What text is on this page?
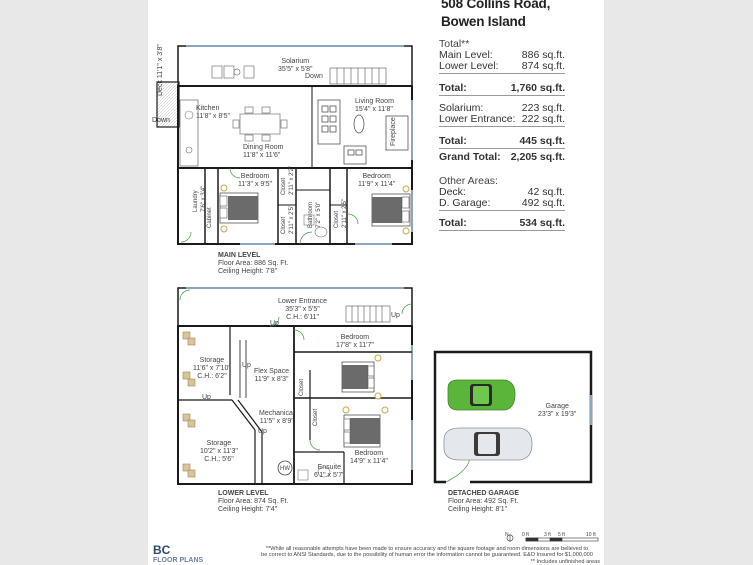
508 Collins Road,
Bowen Island
Total**
Main Level:	886 sq.ft.
Lower Level: 874 sq.ft.
Total:	1,760 sq.ft.
Solarium:	223 sq.ft.
Lower Entrance: 222 sq.ft.
Total:	445 sq.ft.
Grand Total: 2,205 sq.ft.
Other Areas:
Deck:	42 sq.ft.
D. Garage:	492 sq.ft.
Total:	534 sq.ft.
Solarium
35'5" x 5'8"
Down
Deck 11'1" x 3'8"
Down
Kitchen
11'8" x 8'5"
Dining Room
11'8" x 11'6"
Living Room
15'4" x 11'8"
Fireplace
Bedroom
11'3" x 9'5"
Bedroom
11'9" x 11'4"
Laundry 7'6" x 3'4"
Cabinet
Closet 2'11" x 2'2"
Closet 2'11" x 2'5" Bathroom 7'2" x 5'0" Closet 2'11" x 2'5"
MAIN LEVEL
Floor Area: 886 Sq. Ft.
Ceiling Height: 7'8"
Lower Entrance
35'3" x 5'5"
C.H.: 6'11"
Up
Up
Up
Up
Up
Storage
11'6" x 7'10"
C.H.: 6'2"
Flex Space
11'9" x 8'3"
Mechanical
11'5" x 8'9"
Storage
10'2" x 11'3"
C.H.: 5'6"
Bedroom
17'8" x 11'7"
Bedroom
14'9" x 11'4"
Closet
Closet
Ensuite
6'1" x 5'7"
HW
LOWER LEVEL
Floor Area: 874 Sq. Ft.
Ceiling Height: 7'4"
Garage
23'3" x 19'3"
DETACHED GARAGE
Floor Area: 492 Sq. Ft.
Ceiling Height: 8'1"
0 ft	3 ft 5 ft	10 ft
N
**While all reasonable attempts have been made to ensure accuracy and the square footage and room dimensions are believed to
be correct to ANSI Standards, due to the possibility of human error the information cannot be guaranteed. E&O Insured for $1,000,000
** Includes unfinished areas
BC
FLOOR PLANS
